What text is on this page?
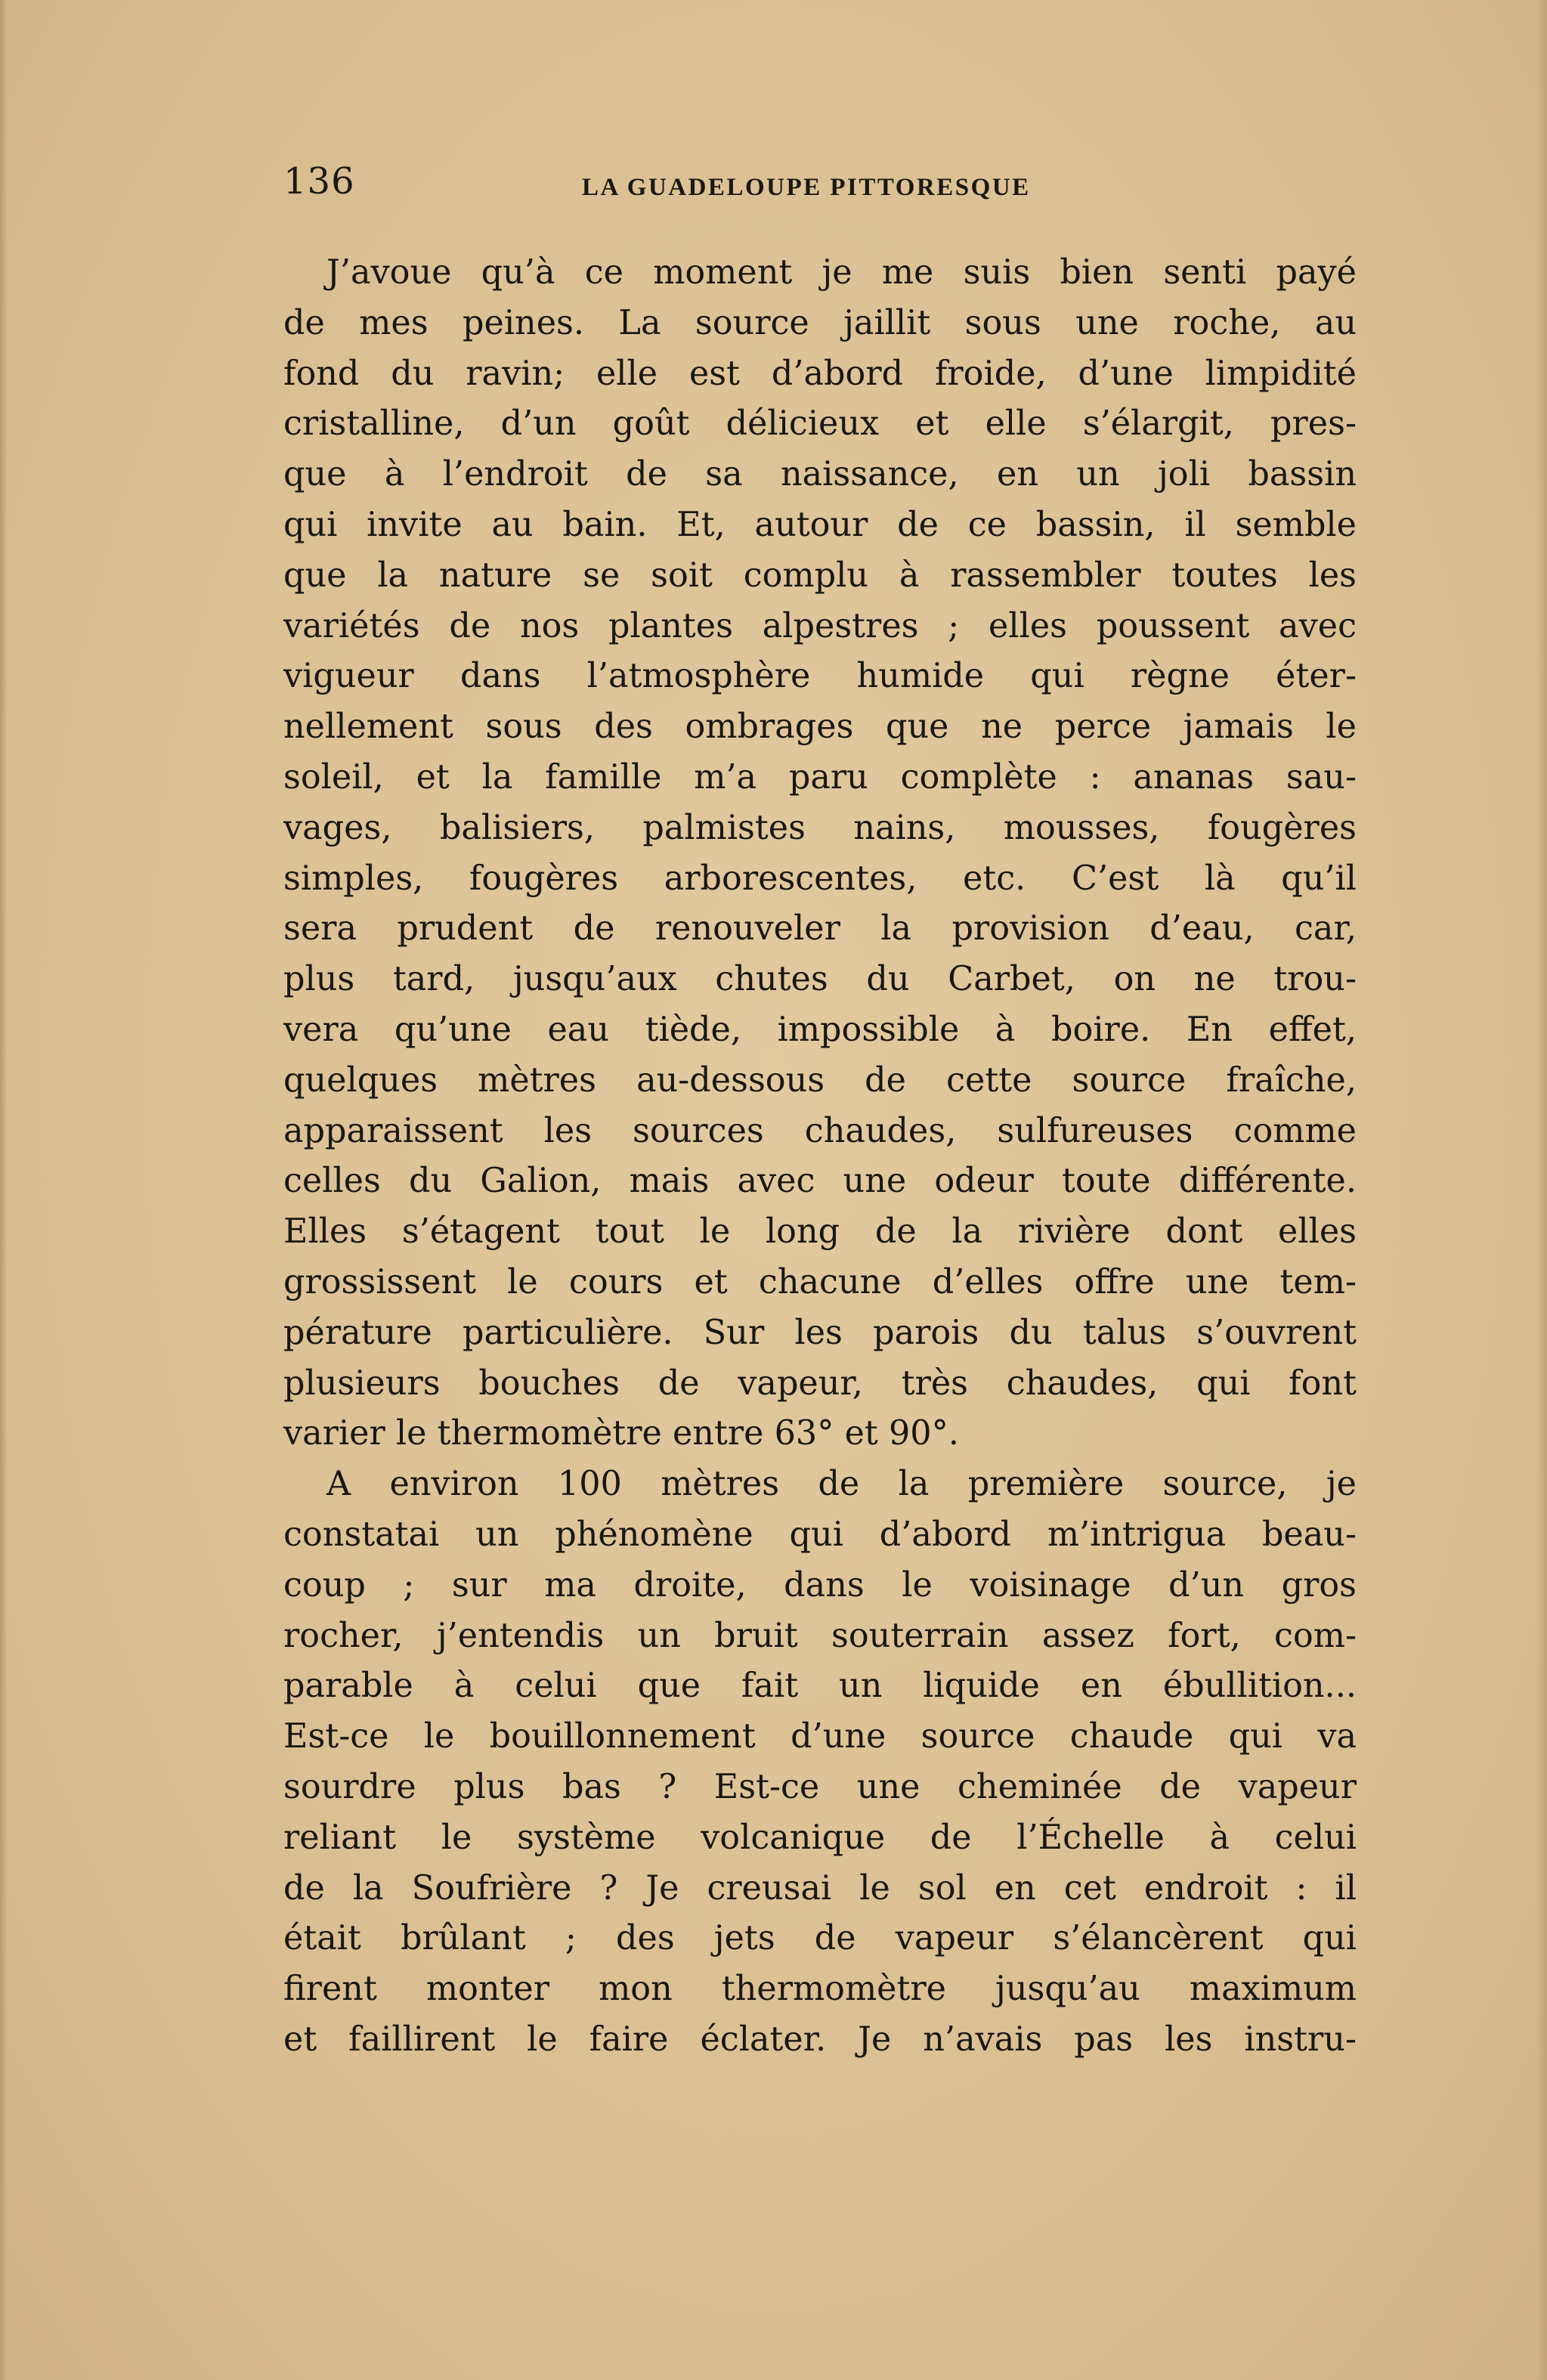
136	LA GUADELOUPE PITTORESQUE
J’avoue qu’à ce moment je me suis bien senti payé
de mes peines. La source jaillit sous une roche, au
fond du ravin; elle est d’abord froide, d’une limpidité
cristalline, d’un goût délicieux et elle s’élargit, pres-
que à l’endroit de sa naissance, en un joli bassin
qui invite au bain. Et, autour de ce bassin, il semble
que la nature se soit complu à rassembler toutes les
variétés de nos plantes alpestres ; elles poussent avec
vigueur dans l’atmosphère humide qui règne éter-
nellement sous des ombrages que ne perce jamais le
soleil, et la famille m’a paru complète : ananas sau-
vages, balisiers, palmistes nains, mousses, fougères
simples, fougères arborescentes, etc. C’est là qu’il
sera prudent de renouveler la provision d’eau, car,
plus tard, jusqu’aux chutes du Carbet, on ne trou-
vera qu’une eau tiède, impossible à boire. En effet,
quelques mètres au-dessous de cette source fraîche,
apparaissent les sources chaudes, sulfureuses comme
celles du Galion, mais avec une odeur toute différente.
Elles s’étagent tout le long de la rivière dont elles
grossissent le cours et chacune d’elles offre une tem-
pérature particulière. Sur les parois du talus s’ouvrent
plusieurs bouches de vapeur, très chaudes, qui font
varier le thermomètre entre 63° et 90°.
A environ 100 mètres de la première source, je
constatai un phénomène qui d’abord m’intrigua beau-
coup ; sur ma droite, dans le voisinage d’un gros
rocher, j’entendis un bruit souterrain assez fort, com-
parable à celui que fait un liquide en ébullition...
Est-ce le bouillonnement d’une source chaude qui va
sourdre plus bas ? Est-ce une cheminée de vapeur
reliant le système volcanique de l’Échelle à celui
de la Soufrière ? Je creusai le sol en cet endroit : il
était brûlant ; des jets de vapeur s’élancèrent qui
firent monter mon thermomètre jusqu’au maximum
et faillirent le faire éclater. Je n’avais pas les instru-
